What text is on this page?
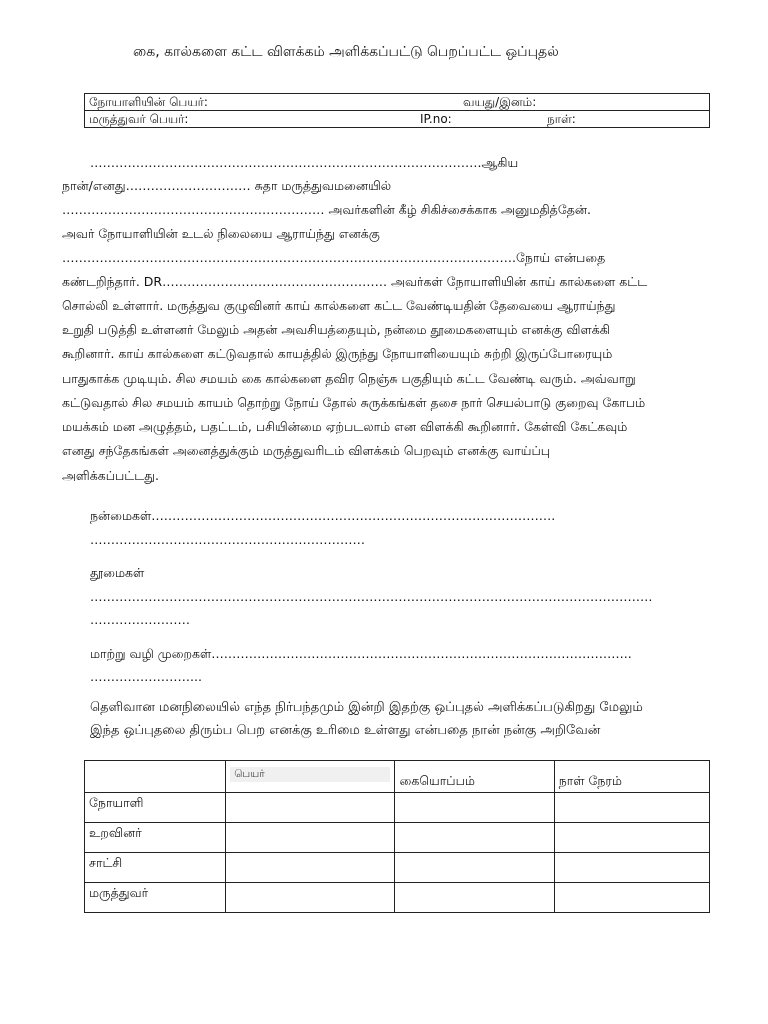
கை, கால்களை கட்ட விளக்கம் அளிக்கப்பட்டு பெறப்பட்ட ஒப்புதல்
நோயாளியின் பெயர்:	வயது/இனம்:

மருத்துவர் பெயர்:	IP.no:	நாள்:
………………………………………………………………………………….ஆகிய
நான்/எனது………………………… சுதா மருத்துவமனையில்
……………………………………………………… அவர்களின் கீழ் சிகிச்சைக்காக அனுமதித்தேன்.
அவர் நோயாளியின் உடல் நிலையை ஆராய்ந்து எனக்கு
……………………………………………………………………………………………….நோய் என்பதை
கண்டறிந்தார். DR……………………………………………… அவர்கள் நோயாளியின் காய் கால்களை கட்ட
சொல்லி உள்ளார். மருத்துவ குழுவினர் காய் கால்களை கட்ட வேண்டியதின் தேவையை ஆராய்ந்து
உறுதி படுத்தி உள்ளனர் மேலும் அதன் அவசியத்தையும், நன்மை தூமைகளையும் எனக்கு விளக்கி
கூறினார். காய் கால்களை கட்டுவதால் காயத்தில் இருந்து நோயாளியையும் சுற்றி இருப்போரையும்
பாதுகாக்க முடியும். சில சமயம் கை கால்களை தவிர நெஞ்சு பகுதியும் கட்ட வேண்டி வரும். அவ்வாறு
கட்டுவதால் சில சமயம் காயம் தொற்று நோய் தோல் சுருக்கங்கள் தசை நார் செயல்பாடு குறைவு கோபம்
மயக்கம் மன அழுத்தம், பதட்டம், பசியின்மை ஏற்படலாம் என விளக்கி கூறினார். கேள்வி கேட்கவும்
எனது சந்தேகங்கள் அனைத்துக்கும் மருத்துவரிடம் விளக்கம் பெறவும் எனக்கு வாய்ப்பு
அளிக்கப்பட்டது.
நன்மைகள்…………………………………………………………………………………….
…………………………………………………………
தூமைகள்
………………………………………………………………………………………………………………………
……………………
மாற்று வழி முறைகள்………………………………………………………………………………………..
……………………...
தெளிவான மனநிலையில் எந்த நிர்பந்தமும் இன்றி இதற்கு ஒப்புதல் அளிக்கப்படுகிறது மேலும்
இந்த ஒப்புதலை திரும்ப பெற எனக்கு உரிமை உள்ளது என்பதை நான் நன்கு அறிவேன்
	பெயர்	கையொப்பம்	நாள் நேரம்
நோயாளி			
உறவினர்			
சாட்சி			
மருத்துவர்			
